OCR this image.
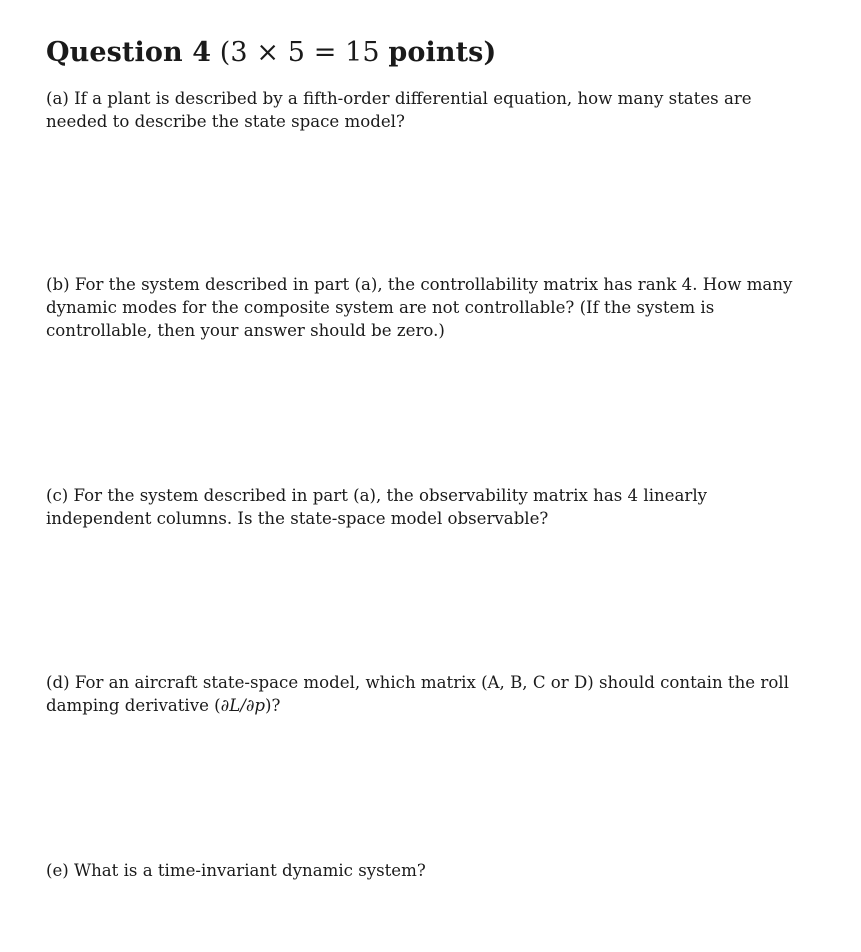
Question 4 (3 × 5 = 15 points)

(a) If a plant is described by a fifth-order differential equation, how many states are needed to describe the state space model?

(b) For the system described in part (a), the controllability matrix has rank 4. How many dynamic modes for the composite system are not controllable? (If the system is controllable, then your answer should be zero.)

(c) For the system described in part (a), the observability matrix has 4 linearly independent columns. Is the state-space model observable?

(d) For an aircraft state-space model, which matrix (A, B, C or D) should contain the roll damping derivative (∂L/∂p)?

(e) What is a time-invariant dynamic system?
